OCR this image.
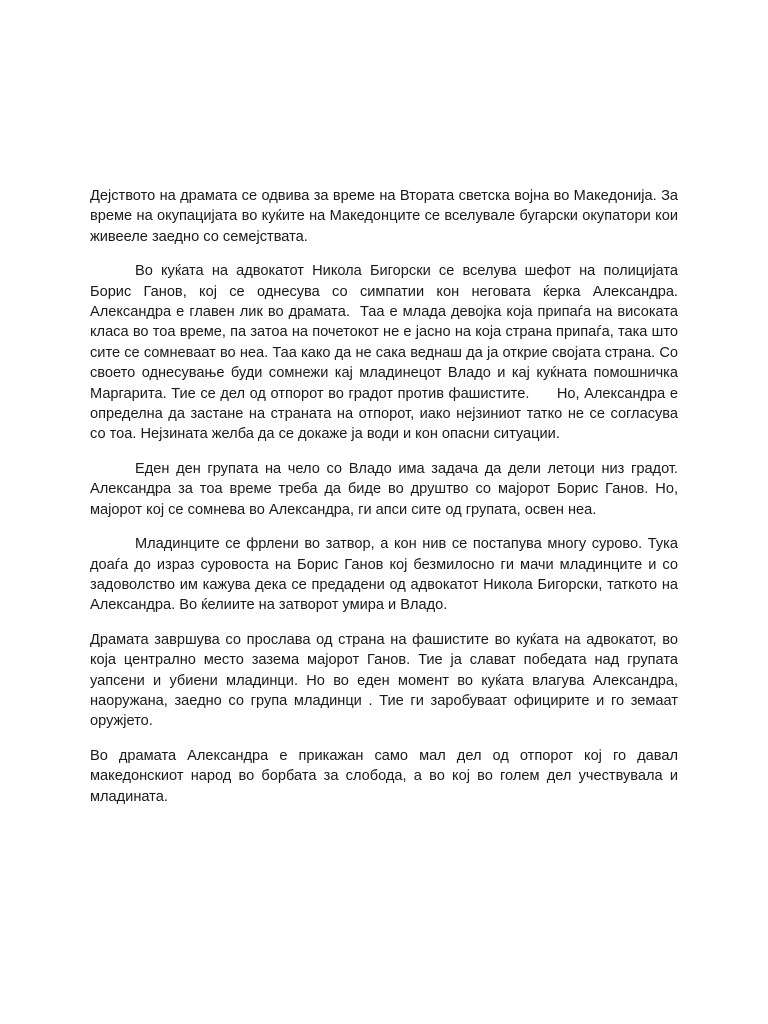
Дејството на драмата се одвива за време на Втората светска војна во Македонија. За време на окупацијата во куќите на Македонците се вселувале бугарски окупатори кои живееле заедно со семејствата.

Во куќата на адвокатот Никола Бигорски се вселува шефот на полицијата Борис Ганов, кој се однесува со симпатии кон неговата ќерка Александра. Александра е главен лик во драмата.  Таа е млада девојка која припаѓа на високата класа во тоа време, па затоа на почетокот не е јасно на која страна припаѓа, така што сите се сомневаат во неа. Таа како да не сака веднаш да ја открие својата страна. Со своето однесување буди сомнежи кај младинецот Владо и кај куќната помошничка Маргарита. Тие се дел од отпорот во градот против фашистите.      Но, Александра е определна да застане на страната на отпорот, иако нејзиниот татко не се согласува со тоа. Нејзината желба да се докаже ја води и кон опасни ситуации.

Еден ден групата на чело со Владо има задача да дели летоци низ градот. Александра за тоа време треба да биде во друштво со мајорот Борис Ганов. Но, мајорот кој се сомнева во Александра, ги апси сите од групата, освен неа.

Младинците се фрлени во затвор, а кон нив се постапува многу сурово. Тука доаѓа до израз суровоста на Борис Ганов кој безмилосно ги мачи младинците и со задоволство им кажува дека се предадени од адвокатот Никола Бигорски, таткото на Александра. Во ќелиите на затворот умира и Владо.

Драмата завршува со прослава од страна на фашистите во куќата на адвокатот, во која централно место зазема мајорот Ганов. Тие ја слават победата над групата уапсени и убиени младинци. Но во еден момент во куќата влагува Александра, наоружана, заедно со група младинци . Тие ги заробуваат официрите и го земаат оружјето.

Во драмата Александра е прикажан само мал дел од отпорот кој го давал македонскиот народ во борбата за слобода, а во кој во голем дел учествувала и младината.
